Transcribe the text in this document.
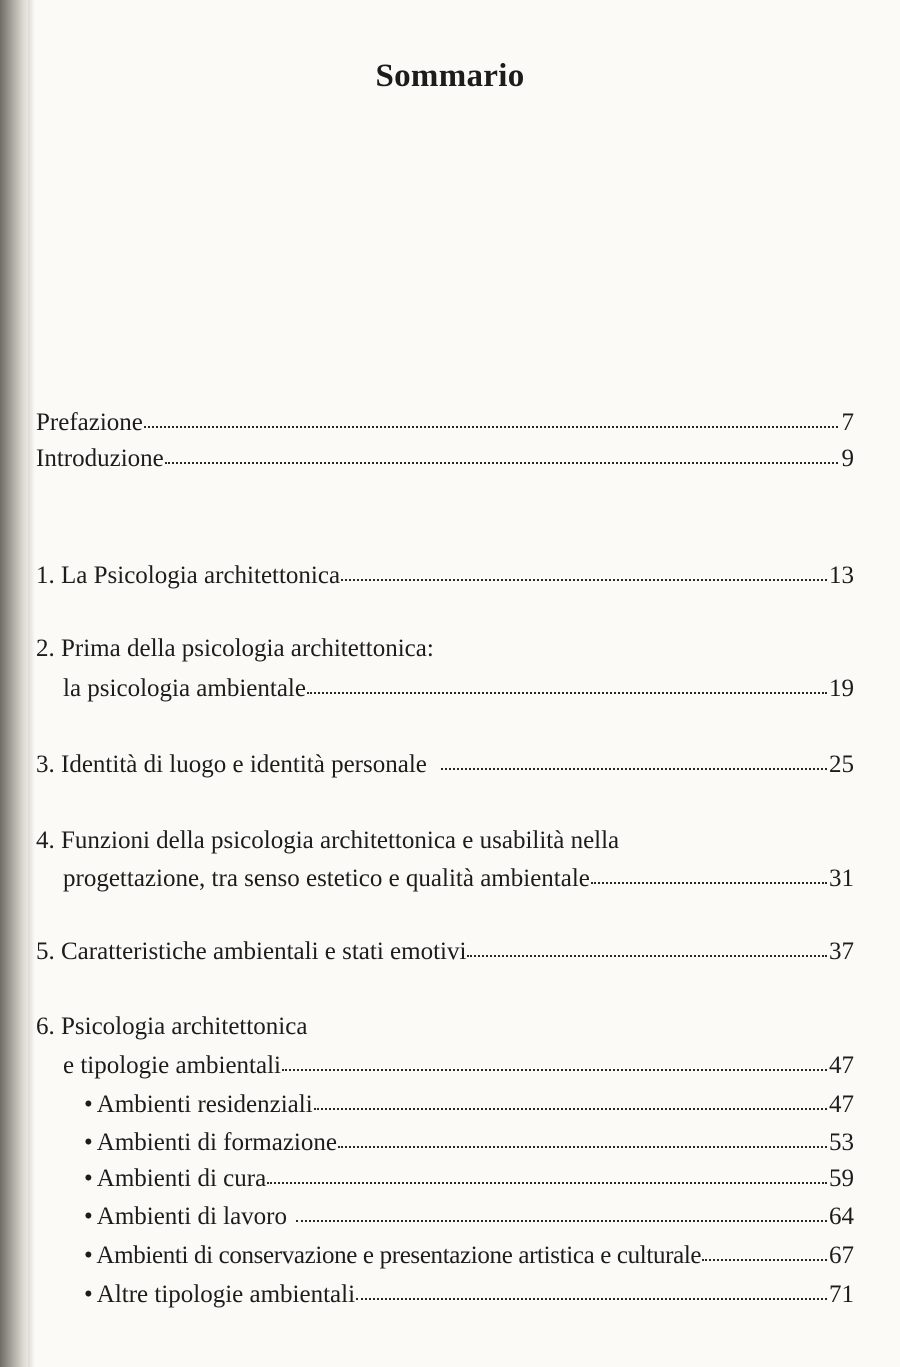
Sommario
Prefazione	7
Introduzione	9
1. La Psicologia architettonica	13
2. Prima della psicologia architettonica:
la psicologia ambientale	19
3. Identità di luogo e identità personale	25
4. Funzioni della psicologia architettonica e usabilità nella
progettazione, tra senso estetico e qualità ambientale	31
5. Caratteristiche ambientali e stati emotivi	37
6. Psicologia architettonica
e tipologie ambientali	47
• Ambienti residenziali	47
• Ambienti di formazione	53
• Ambienti di cura	59
• Ambienti di lavoro	64
• Ambienti di conservazione e presentazione artistica e culturale	67
• Altre tipologie ambientali	71
